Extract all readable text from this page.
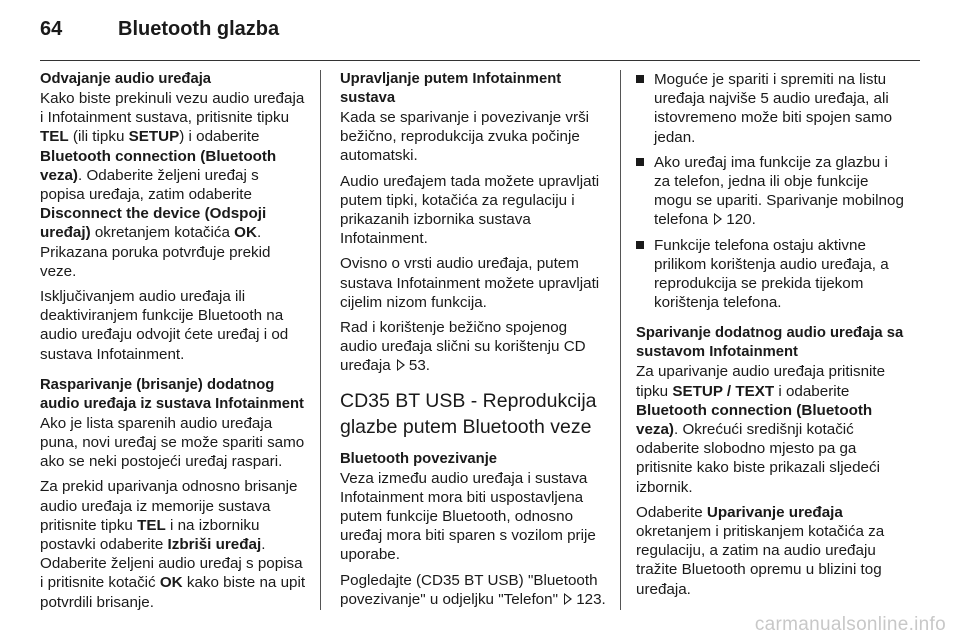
64	Bluetooth glazba
Odvajanje audio uređaja

Kako biste prekinuli vezu audio uređaja i Infotainment sustava, pritisnite tipku TEL (ili tipku SETUP) i odaberite Bluetooth connection (Bluetooth veza). Odaberite željeni uređaj s popisa uređaja, zatim odaberite Disconnect the device (Odspoji uređaj) okretanjem kotačića OK. Prikazana poruka potvrđuje prekid veze.

Isključivanjem audio uređaja ili deaktiviranjem funkcije Bluetooth na audio uređaju odvojit ćete uređaj i od sustava Infotainment.

Rasparivanje (brisanje) dodatnog audio uređaja iz sustava Infotainment

Ako je lista sparenih audio uređaja puna, novi uređaj se može spariti samo ako se neki postojeći uređaj raspari.

Za prekid uparivanja odnosno brisanje audio uređaja iz memorije sustava pritisnite tipku TEL i na izborniku postavki odaberite Izbriši uređaj. Odaberite željeni audio uređaj s popisa i pritisnite kotačić OK kako biste na upit potvrdili brisanje.

Upravljanje putem Infotainment sustava

Kada se sparivanje i povezivanje vrši bežično, reprodukcija zvuka počinje automatski.

Audio uređajem tada možete upravljati putem tipki, kotačića za regulaciju i prikazanih izbornika sustava Infotainment.

Ovisno o vrsti audio uređaja, putem sustava Infotainment možete upravljati cijelim nizom funkcija.

Rad i korištenje bežično spojenog audio uređaja slični su korištenju CD uređaja 53.

CD35 BT USB - Reprodukcija glazbe putem Bluetooth veze
Bluetooth povezivanje

Veza između audio uređaja i sustava Infotainment mora biti uspostavljena putem funkcije Bluetooth, odnosno uređaj mora biti sparen s vozilom prije uporabe.

Pogledajte (CD35 BT USB) "Bluetooth povezivanje" u odjeljku "Telefon" 123.

Moguće je spariti i spremiti na listu uređaja najviše 5 audio uređaja, ali istovremeno može biti spojen samo jedan.
Ako uređaj ima funkcije za glazbu i za telefon, jedna ili obje funkcije mogu se upariti. Sparivanje mobilnog telefona 120.
Funkcije telefona ostaju aktivne prilikom korištenja audio uređaja, a reprodukcija se prekida tijekom korištenja telefona.
Sparivanje dodatnog audio uređaja sa sustavom Infotainment

Za uparivanje audio uređaja pritisnite tipku SETUP / TEXT i odaberite Bluetooth connection (Bluetooth veza). Okrećući središnji kotačić odaberite slobodno mjesto pa ga pritisnite kako biste prikazali sljedeći izbornik.

Odaberite Uparivanje uređaja okretanjem i pritiskanjem kotačića za regulaciju, a zatim na audio uređaju tražite Bluetooth opremu u blizini tog uređaja.

carmanualsonline.info
